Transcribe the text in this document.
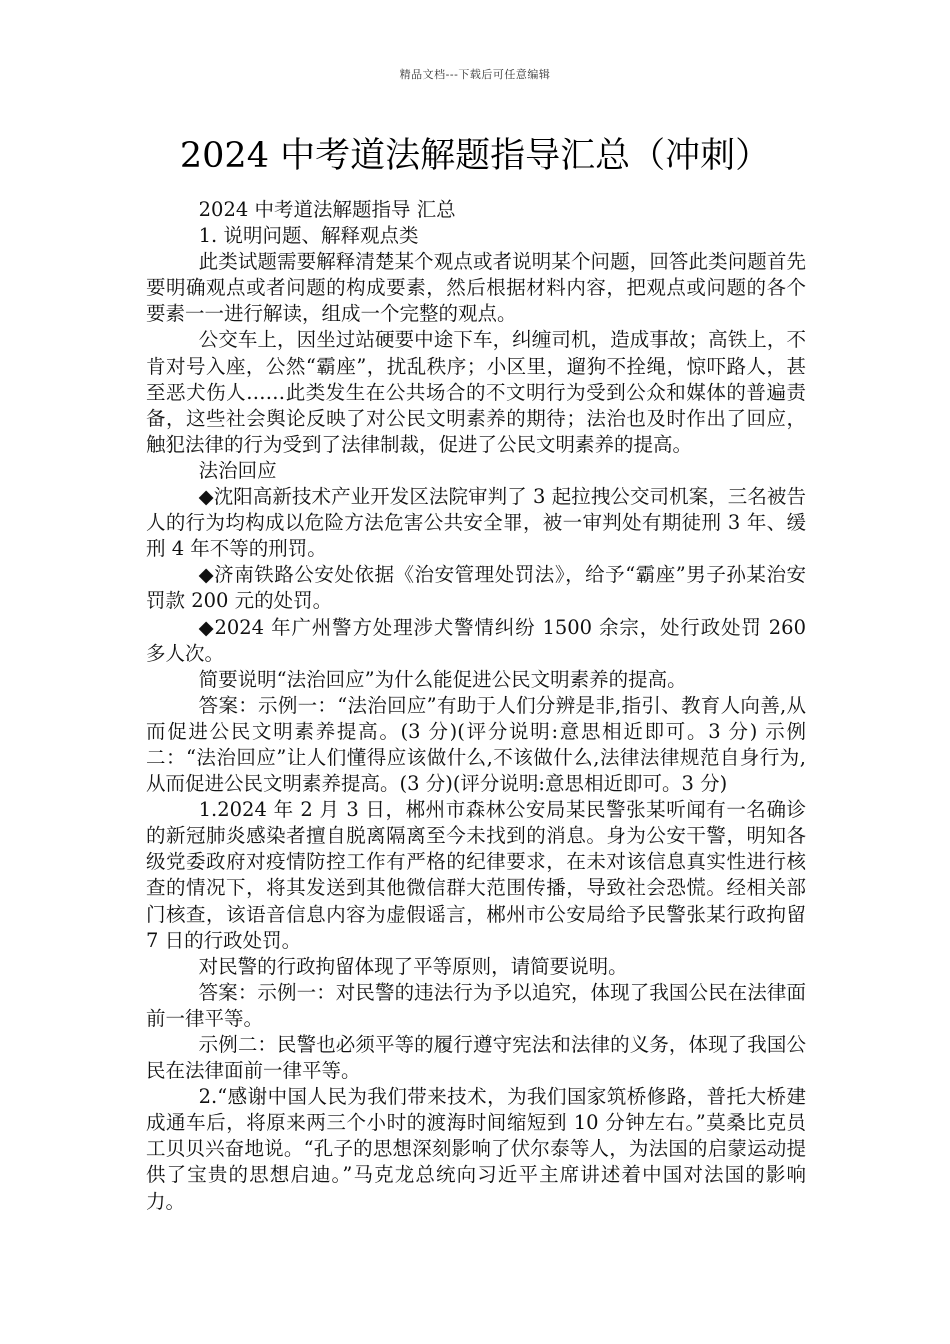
精品文档---下载后可任意编辑
2024 中考道法解题指导汇总（冲刺）

2024 中考道法解题指导 汇总

1. 说明问题、解释观点类

此类试题需要解释清楚某个观点或者说明某个问题，回答此类问题首先要明确观点或者问题的构成要素，然后根据材料内容，把观点或问题的各个要素一一进行解读，组成一个完整的观点。

公交车上，因坐过站硬要中途下车，纠缠司机，造成事故；高铁上，不肯对号入座，公然“霸座”，扰乱秩序；小区里，遛狗不拴绳，惊吓路人，甚至恶犬伤人……此类发生在公共场合的不文明行为受到公众和媒体的普遍责备，这些社会舆论反映了对公民文明素养的期待；法治也及时作出了回应，触犯法律的行为受到了法律制裁，促进了公民文明素养的提高。

法治回应

◆沈阳高新技术产业开发区法院审判了 3 起拉拽公交司机案，三名被告人的行为均构成以危险方法危害公共安全罪，被一审判处有期徒刑 3 年、缓刑 4 年不等的刑罚。

◆济南铁路公安处依据《治安管理处罚法》，给予“霸座”男子孙某治安罚款 200 元的处罚。

◆2024 年广州警方处理涉犬警情纠纷 1500 余宗，处行政处罚 260 多人次。

简要说明“法治回应”为什么能促进公民文明素养的提高。

答案：示例一：“法治回应”有助于人们分辨是非,指引、教育人向善,从而促进公民文明素养提高。(3 分)(评分说明:意思相近即可。3 分) 示例二：“法治回应”让人们懂得应该做什么,不该做什么,法律法律规范自身行为,从而促进公民文明素养提高。(3 分)(评分说明:意思相近即可。3 分)

1.2024 年 2 月 3 日，郴州市森林公安局某民警张某听闻有一名确诊的新冠肺炎感染者擅自脱离隔离至今未找到的消息。身为公安干警，明知各级党委政府对疫情防控工作有严格的纪律要求，在未对该信息真实性进行核查的情况下，将其发送到其他微信群大范围传播，导致社会恐慌。经相关部门核查，该语音信息内容为虚假谣言，郴州市公安局给予民警张某行政拘留 7 日的行政处罚。

对民警的行政拘留体现了平等原则，请简要说明。

答案：示例一：对民警的违法行为予以追究，体现了我国公民在法律面前一律平等。

示例二：民警也必须平等的履行遵守宪法和法律的义务，体现了我国公民在法律面前一律平等。

2.“感谢中国人民为我们带来技术，为我们国家筑桥修路，普托大桥建成通车后，将原来两三个小时的渡海时间缩短到 10 分钟左右。”莫桑比克员工贝贝兴奋地说。“孔子的思想深刻影响了伏尔泰等人，为法国的启蒙运动提供了宝贵的思想启迪。”马克龙总统向习近平主席讲述着中国对法国的影响力。
